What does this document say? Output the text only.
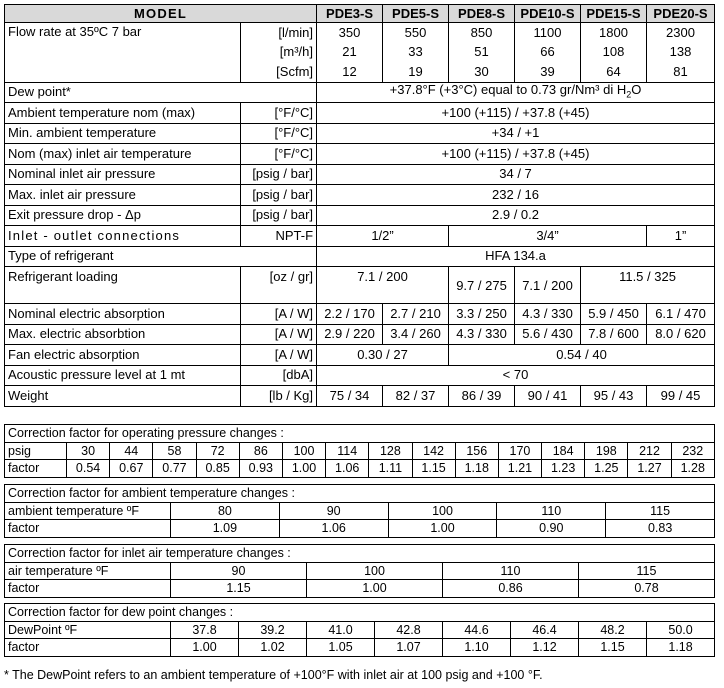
MODEL		PDE3-S	PDE5-S	PDE8-S	PDE10-S	PDE15-S	PDE20-S
Flow rate at 35ºC 7 bar	[l/min]	350	550	850	1100	1800	2300
	[m³/h]	21	33	51	66	108	138
	[Scfm]	12	19	30	39	64	81
Dew point*		+37.8°F (+3°C) equal to 0.73 gr/Nm³ di $H_2O$					
Ambient temperature nom (max)	[°F/°C]	+100 (+115) / +37.8 (+45)					
Min. ambient temperature	[°F/°C]	+34 / +1					
Nom (max) inlet air temperature	[°F/°C]	+100 (+115) / +37.8 (+45)					
Nominal inlet air pressure	[psig / bar]	34 / 7					
Max. inlet air pressure	[psig / bar]	232 / 16					
Exit pressure drop - Δp	[psig / bar]	2.9 / 0.2					
Inlet - outlet connections	NPT-F	1/2”		3/4”			1”
Type of refrigerant		HFA 134.a					
Refrigerant loading	[oz / gr]	7.1 / 200		9.7 / 275	7.1 / 200	11.5 / 325	
Nominal electric absorption	[A / W]	2.2 / 170	2.7 / 210	3.3 / 250	4.3 / 330	5.9 / 450	6.1 / 470
Max. electric absorbtion	[A / W]	2.9 / 220	3.4 / 260	4.3 / 330	5.6 / 430	7.8 / 600	8.0 / 620
Fan electric absorption	[A / W]	0.30 / 27		0.54 / 40			
Acoustic pressure level at 1 mt	[dbA]	< 70					
Weight	[lb / Kg]	75 / 34	82 / 37	86 / 39	90 / 41	95 / 43	99 / 45
Correction factor for operating pressure changes :															
psig	30	44	58	72	86	100	114	128	142	156	170	184	198	212	232
factor	0.54	0.67	0.77	0.85	0.93	1.00	1.06	1.11	1.15	1.18	1.21	1.23	1.25	1.27	1.28
Correction factor for ambient temperature changes :					
ambient temperature ºF	80	90	100	110	115
factor	1.09	1.06	1.00	0.90	0.83
Correction factor for inlet air temperature changes :				
air temperature ºF	90	100	110	115
factor	1.15	1.00	0.86	0.78
Correction factor for dew point changes :								
DewPoint ºF	37.8	39.2	41.0	42.8	44.6	46.4	48.2	50.0
factor	1.00	1.02	1.05	1.07	1.10	1.12	1.15	1.18
* The DewPoint refers to an ambient temperature of +100°F with inlet air at 100 psig and +100 °F.
